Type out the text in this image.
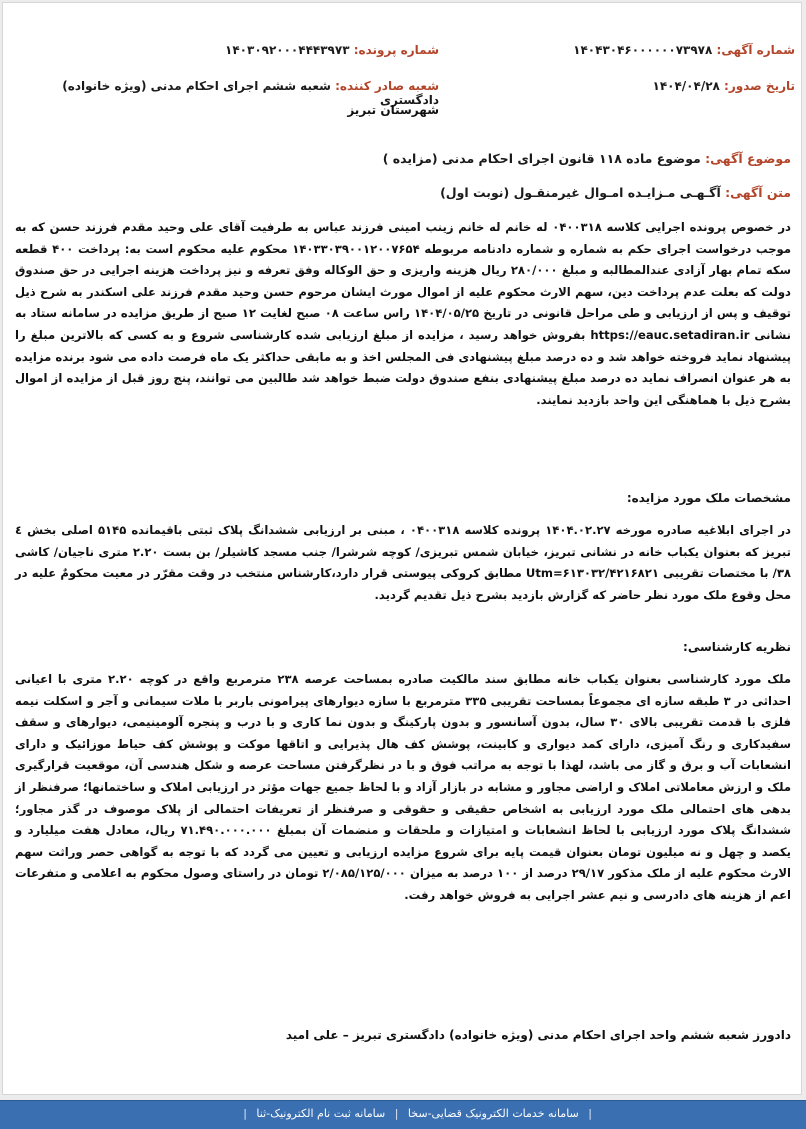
شماره آگهی: ۱۴۰۴۳۰۴۶۰۰۰۰۰۰۷۳۹۷۸
شماره پرونده: ۱۴۰۳۰۹۲۰۰۰۴۴۴۳۹۷۳
تاریخ صدور: ۱۴۰۴/۰۴/۲۸
شعبه صادر کننده: شعبه ششم اجرای احکام مدنی (ویژه خانواده) دادگستری
شهرستان تبریز
موضوع آگهی: موضوع ماده ۱۱۸ قانون اجرای احکام مدنی (مزایده )
متن آگهی: آگـهـی مـزایـده امـوال غیرمنقـول (نوبت اول)

در خصوص پرونده اجرایی کلاسه ۰۴۰۰۳۱۸ له خانم له خانم زینب امینی فرزند عباس به طرفیت آقای علی وحید مقدم فرزند حسن که به موجب درخواست اجرای حکم به شماره و شماره دادنامه مربوطه ۱۴۰۳۳۰۳۹۰۰۱۲۰۰۷۶۵۴ محکوم علیه محکوم است به: پرداخت ۴۰۰ قطعه سکه تمام بهار آزادی عندالمطالبه و مبلغ ۲۸۰/۰۰۰ ریال هزینه واریزی و حق الوکاله وفق تعرفه و نیز پرداخت هزینه اجرایی در حق صندوق دولت که بعلت عدم پرداخت دین، سهم الارث محکوم علیه از اموال مورث ایشان مرحوم حسن وحید مقدم فرزند علی اسکندر به شرح ذیل توقیف و پس از ارزیابی و طی مراحل قانونی در تاریخ ۱۴۰۴/۰۵/۲۵ راس ساعت ۰۸ صبح لغایت ۱۲ صبح از طریق مزایده در سامانه ستاد به نشانی https://eauc.setadiran.ir بفروش خواهد رسید ، مزایده از مبلغ ارزیابی شده کارشناسی شروع و به کسی که بالاترین مبلغ را پیشنهاد نماید فروخته خواهد شد و ده درصد مبلغ پیشنهادی فی المجلس اخذ و به مابقی حداکثر یک ماه فرصت داده می شود برنده مزایده به هر عنوان انصراف نماید ده درصد مبلغ پیشنهادی بنفع صندوق دولت ضبط خواهد شد طالبین می توانند، پنج روز قبل از مزایده از اموال بشرح ذیل با هماهنگی این واحد بازدید نمایند.

مشخصات ملک مورد مزایده:

در اجرای ابلاغیه صادره مورخه ۱۴۰۴.۰۲.۲۷ پرونده کلاسه ۰۴۰۰۳۱۸ ، مبنی بر ارزیابی ششدانگ پلاک ثبتی باقیمانده ۵۱۴۵ اصلی بخش ٤ تبریز که بعنوان یکباب خانه در نشانی تبریز، خیابان شمس تبریزی/ کوچه شرشرا/ جنب مسجد کاشیلر/ بن بست ۲.۲۰ متری ناجیان/ کاشی ۳۸/ با مختصات تقریبی Utm=۶۱۳۰۳۲/۴۲۱۶۸۲۱ مطابق کروکی پیوستی قرار دارد،کارشناس منتخب در وقت مقرّر در معیت محکومٌ علیه در محل وقوع ملک مورد نظر حاضر که گزارش بازدید بشرح ذیل تقدیم گردید.

نظریه کارشناسی:

ملک مورد کارشناسی بعنوان یکباب خانه مطابق سند مالکیت صادره بمساحت عرصه ۲۳۸ مترمربع واقع در کوچه ۲.۲۰ متری با اعیانی احداثی در ۳ طبقه سازه ای مجموعاً بمساحت تقریبی ۳۳۵ مترمربع با سازه دیوارهای پیرامونی باربر با ملات سیمانی و آجر و اسکلت نیمه فلزی با قدمت تقریبی بالای ۳۰ سال، بدون آسانسور و بدون پارکینگ و بدون نما کاری و با درب و پنجره آلومینیمی، دیوارهای و سقف سفیدکاری و رنگ آمیزی، دارای کمد دیواری و کابینت، پوشش کف هال پذیرایی و اتاقها موکت و پوشش کف حیاط موزائیک و دارای انشعابات آب و برق و گاز می باشد، لهذا با توجه به مراتب فوق و با در نظرگرفتن مساحت عرصه و شکل هندسی آن، موقعیت قرارگیری ملک و ارزش معاملاتی املاک و اراضی مجاور و مشابه در بازار آزاد و با لحاظ جمیع جهات مؤثر در ارزیابی املاک و ساختمانها؛ صرفنظر از بدهی های احتمالی ملک مورد ارزیابی به اشخاص حقیقی و حقوقی و صرفنظر از تعریفات احتمالی از پلاک موصوف در گذر مجاور؛ ششدانگ پلاک مورد ارزیابی با لحاظ انشعابات و امتیازات و ملحقات و منضمات آن بمبلغ ۷۱.۴۹۰.۰۰۰.۰۰۰ ریال، معادل هفت میلیارد و یکصد و چهل و نه میلیون تومان بعنوان قیمت پایه برای شروع مزایده ارزیابی و تعیین می گردد که با توجه به گواهی حصر وراثت سهم الارث محکوم علیه از ملک مذکور ۲۹/۱۷ درصد از ۱۰۰ درصد به میزان ۲/۰۸۵/۱۲۵/۰۰۰ تومان در راستای وصول محکوم به اعلامی و متفرعات اعم از هزینه های دادرسی و نیم عشر اجرایی به فروش خواهد رفت.

دادورز شعبه ششم واحد اجرای احکام مدنی (ویژه خانواده) دادگستری تبریز – علی امید
| سامانه خدمات الکترونیک قضایی-سخا | سامانه ثبت نام الکترونیک-ثنا |
